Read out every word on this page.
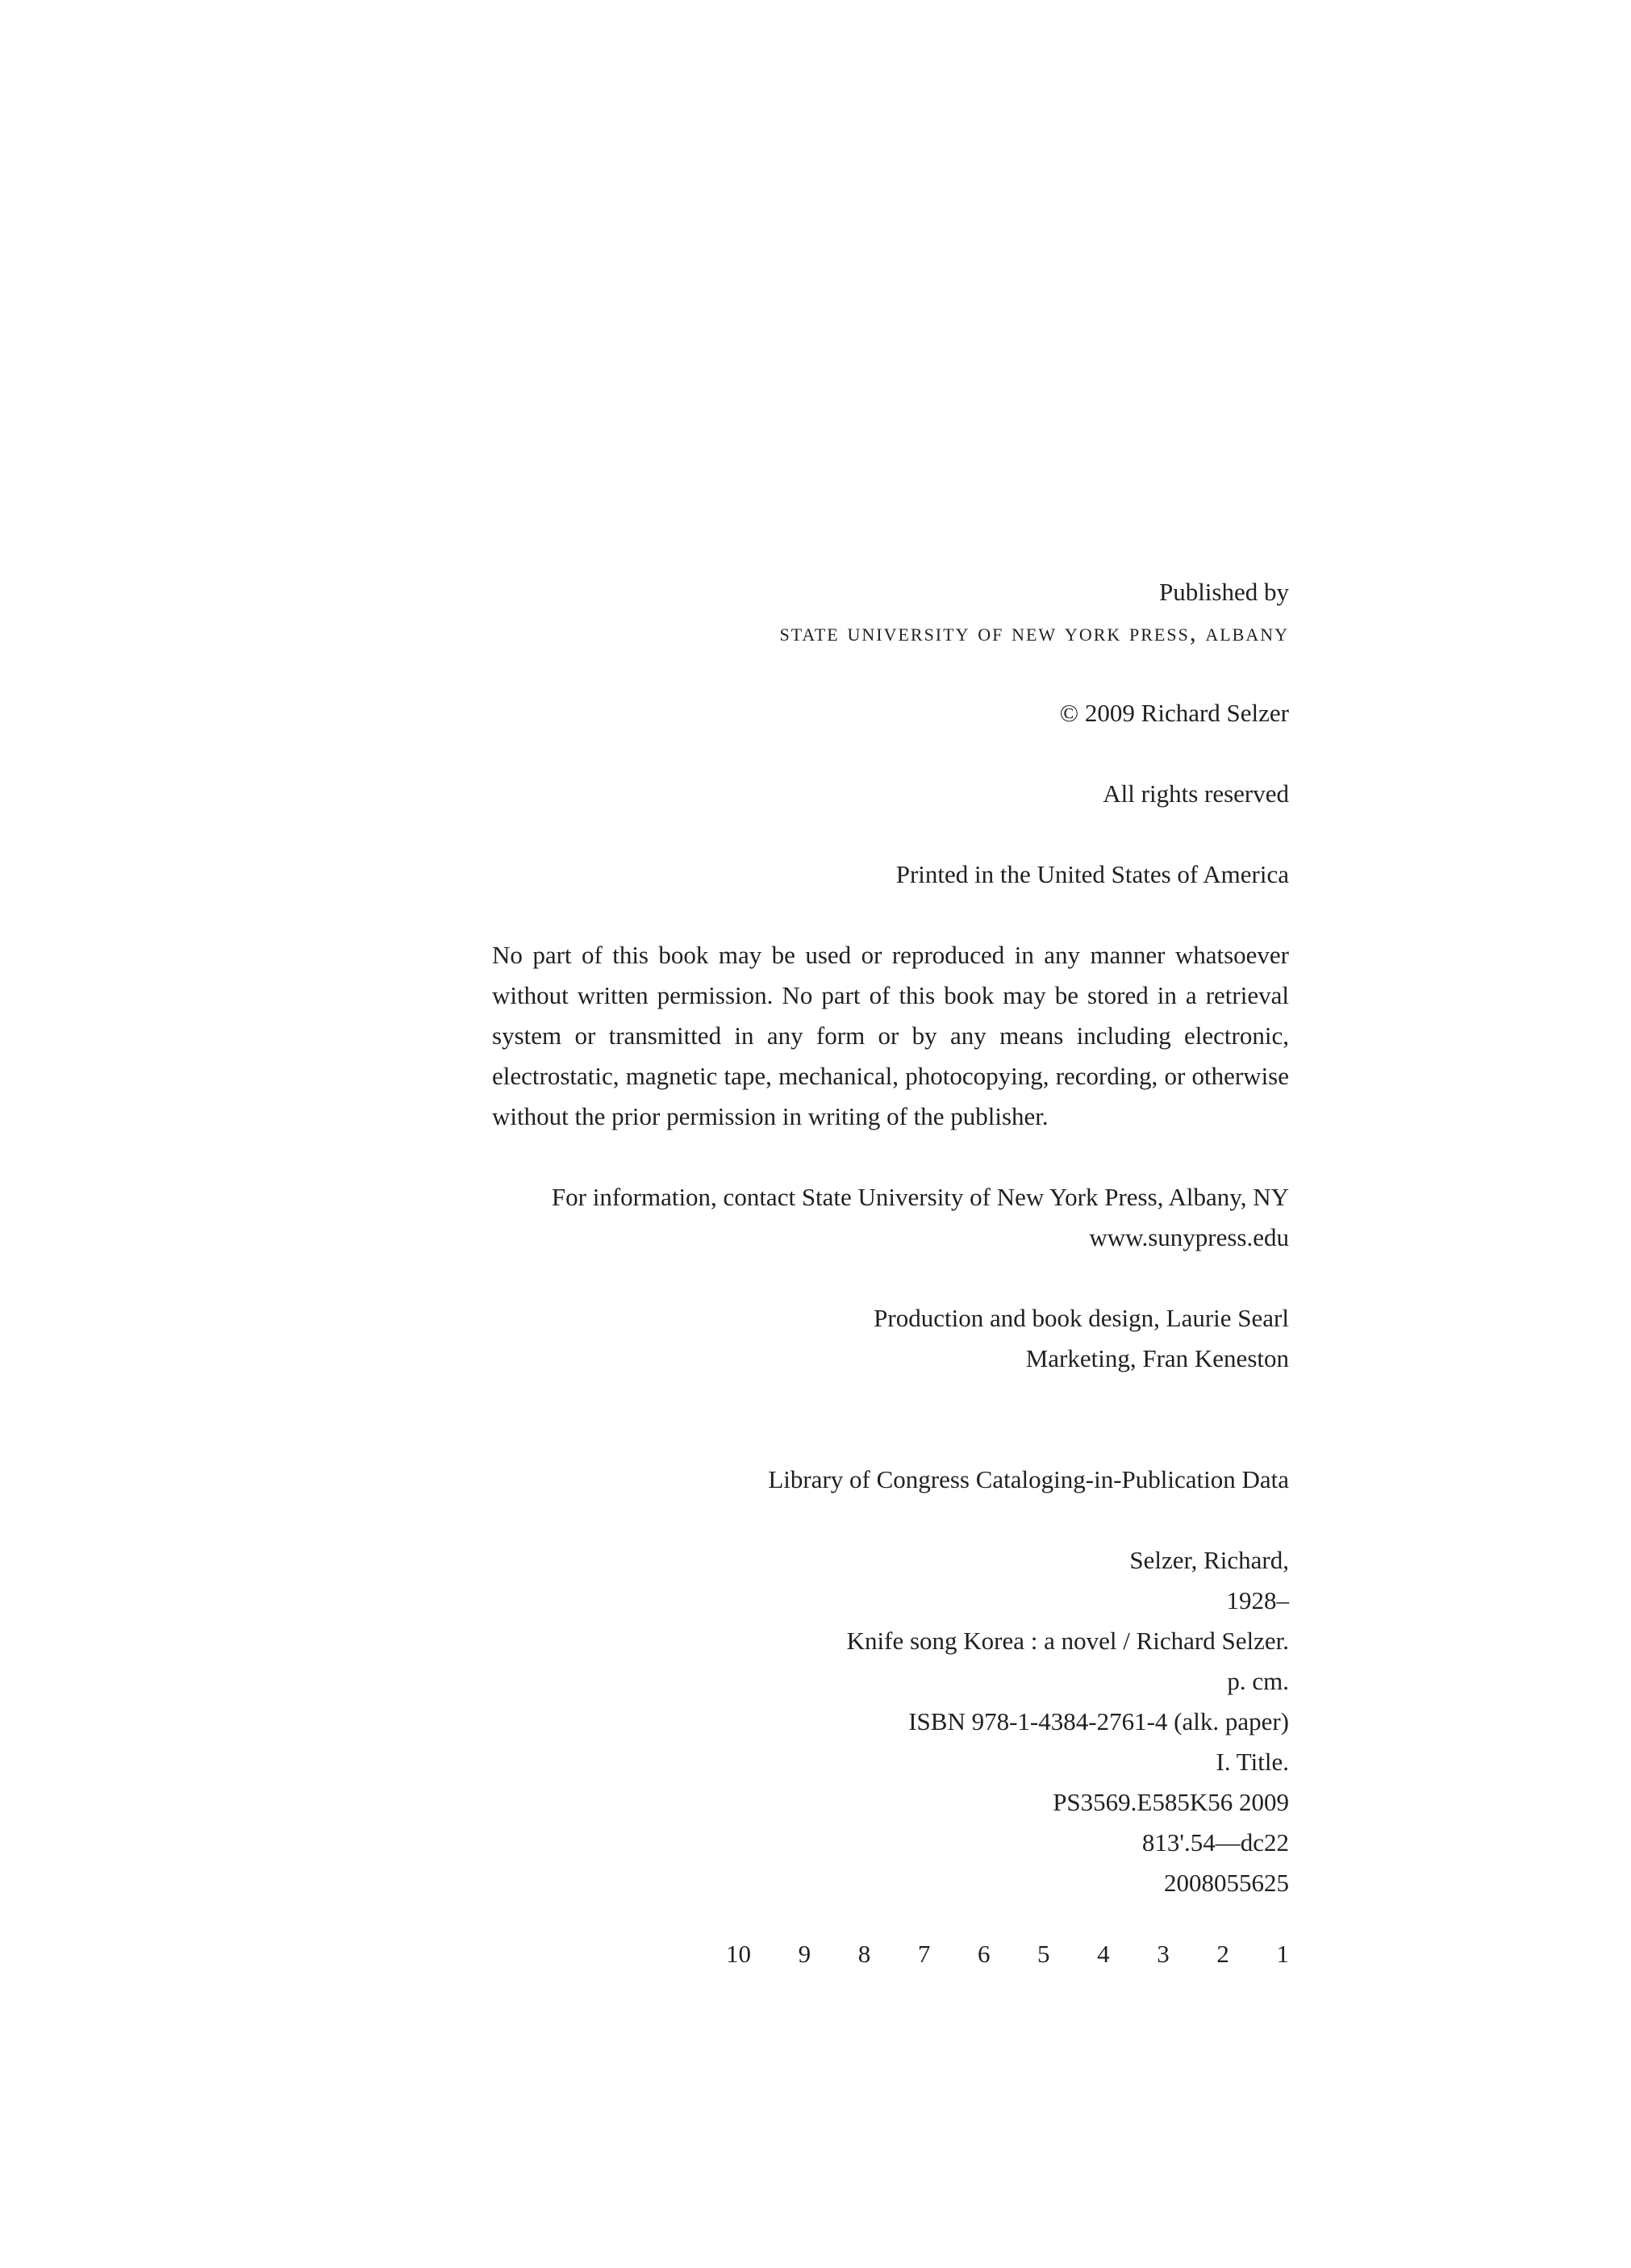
Published by
state university of new york press, albany
© 2009 Richard Selzer
All rights reserved
Printed in the United States of America

No part of this book may be used or reproduced in any manner whatsoever without written permission. No part of this book may be stored in a retrieval system or transmitted in any form or by any means including electronic, electrostatic, magnetic tape, mechanical, photocopying, recording, or otherwise without the prior permission in writing of the publisher.

For information, contact State University of New York Press, Albany, NY
www.sunypress.edu
Production and book design, Laurie Searl
Marketing, Fran Keneston
Library of Congress Cataloging-in-Publication Data
Selzer, Richard,
1928–
Knife song Korea : a novel / Richard Selzer.
p. cm.
ISBN 978-1-4384-2761-4 (alk. paper)
I. Title.
PS3569.E585K56 2009
813'.54—dc22
2008055625
10 9 8 7 6 5 4 3 2 1
